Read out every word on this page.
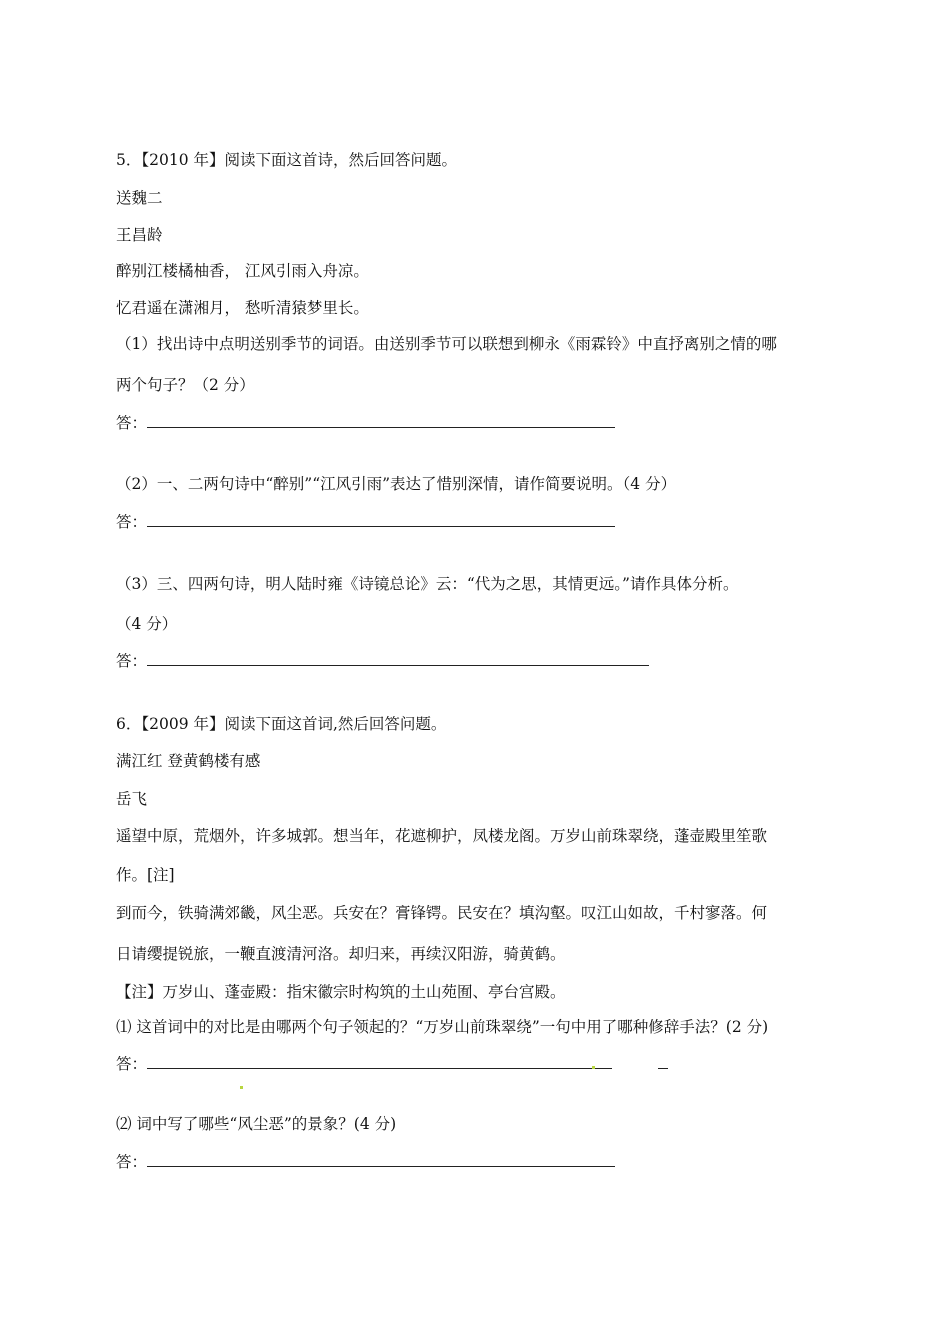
5．【2010 年】阅读下面这首诗，然后回答问题。
送魏二
王昌龄
醉别江楼橘柚香， 江风引雨入舟凉。
忆君遥在潇湘月， 愁听清猿梦里长。
（1）找出诗中点明送别季节的词语。由送别季节可以联想到柳永《雨霖铃》中直抒离别之情的哪
两个句子？（2 分）
答：
（2）一、二两句诗中“醉别”“江风引雨”表达了惜别深情，请作简要说明。（4 分）
答：
（3）三、四两句诗，明人陆时雍《诗镜总论》云：“代为之思，其情更远。”请作具体分析。
（4 分）
答：
6．【2009 年】阅读下面这首词,然后回答问题。
满江红 登黄鹤楼有感
岳飞
遥望中原，荒烟外，许多城郭。想当年，花遮柳护，凤楼龙阁。万岁山前珠翠绕，蓬壶殿里笙歌
作。[注]
到而今，铁骑满郊畿，风尘恶。兵安在？膏锋锷。民安在？填沟壑。叹江山如故，千村寥落。何
日请缨提锐旅，一鞭直渡清河洛。却归来，再续汉阳游，骑黄鹤。
【注】万岁山、蓬壶殿：指宋徽宗时构筑的土山苑囿、亭台宫殿。
⑴ 这首词中的对比是由哪两个句子领起的？“万岁山前珠翠绕”一句中用了哪种修辞手法？(2 分)
答：
⑵ 词中写了哪些“风尘恶”的景象？(4 分)
答：
